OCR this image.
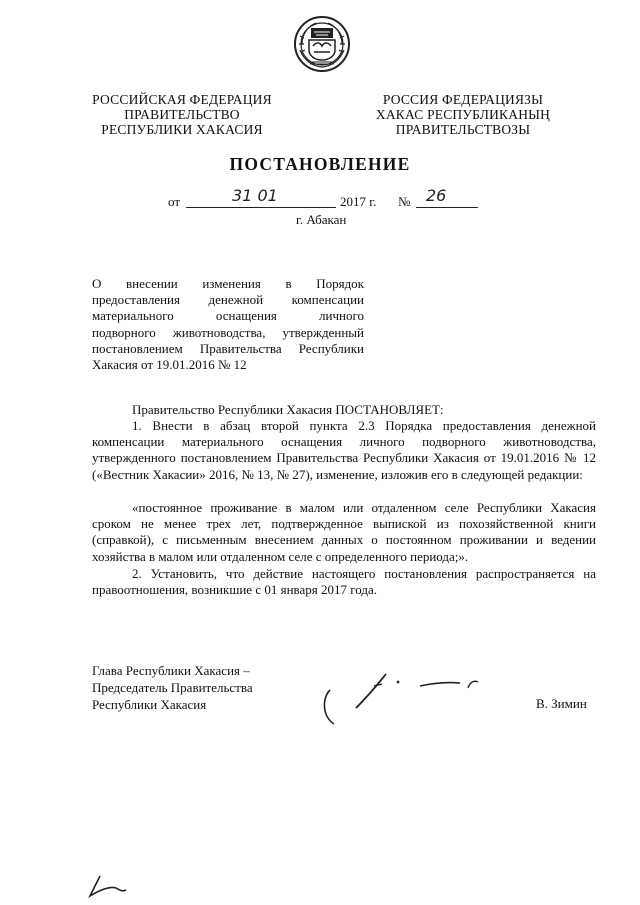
РОССИЙСКАЯ ФЕДЕРАЦИЯ
ПРАВИТЕЛЬСТВО
РЕСПУБЛИКИ ХАКАСИЯ
РОССИЯ ФЕДЕРАЦИЯЗЫ
ХАКАС РЕСПУБЛИКАНЫҢ
ПРАВИТЕЛЬСТВОЗЫ
ПОСТАНОВЛЕНИЕ
от	31 01	2017 г. № 26
г. Абакан
О внесении изменения в Порядок
предоставления денежной компенсации
материального оснащения личного
подворного животноводства, утвержденный
постановлением Правительства Республики
Хакасия от 19.01.2016 № 12
Правительство Республики Хакасия ПОСТАНОВЛЯЕТ:
1. Внести в абзац второй пункта 2.3 Порядка предоставления денежной компенсации материального оснащения личного подворного животноводства, утвержденного постановлением Правительства Республики Хакасия от 19.01.2016 № 12 («Вестник Хакасии» 2016, № 13, № 27), изменение, изложив его в следующей редакции:
«постоянное проживание в малом или отдаленном селе Республики Хакасия сроком не менее трех лет, подтвержденное выпиской из похозяйственной книги (справкой), с письменным внесением данных о постоянном проживании и ведении хозяйства в малом или отдаленном селе с определенного периода;».
2. Установить, что действие настоящего постановления распространяется на правоотношения, возникшие с 01 января 2017 года.
Глава Республики Хакасия –
Председатель Правительства
Республики Хакасия	В. Зимин
